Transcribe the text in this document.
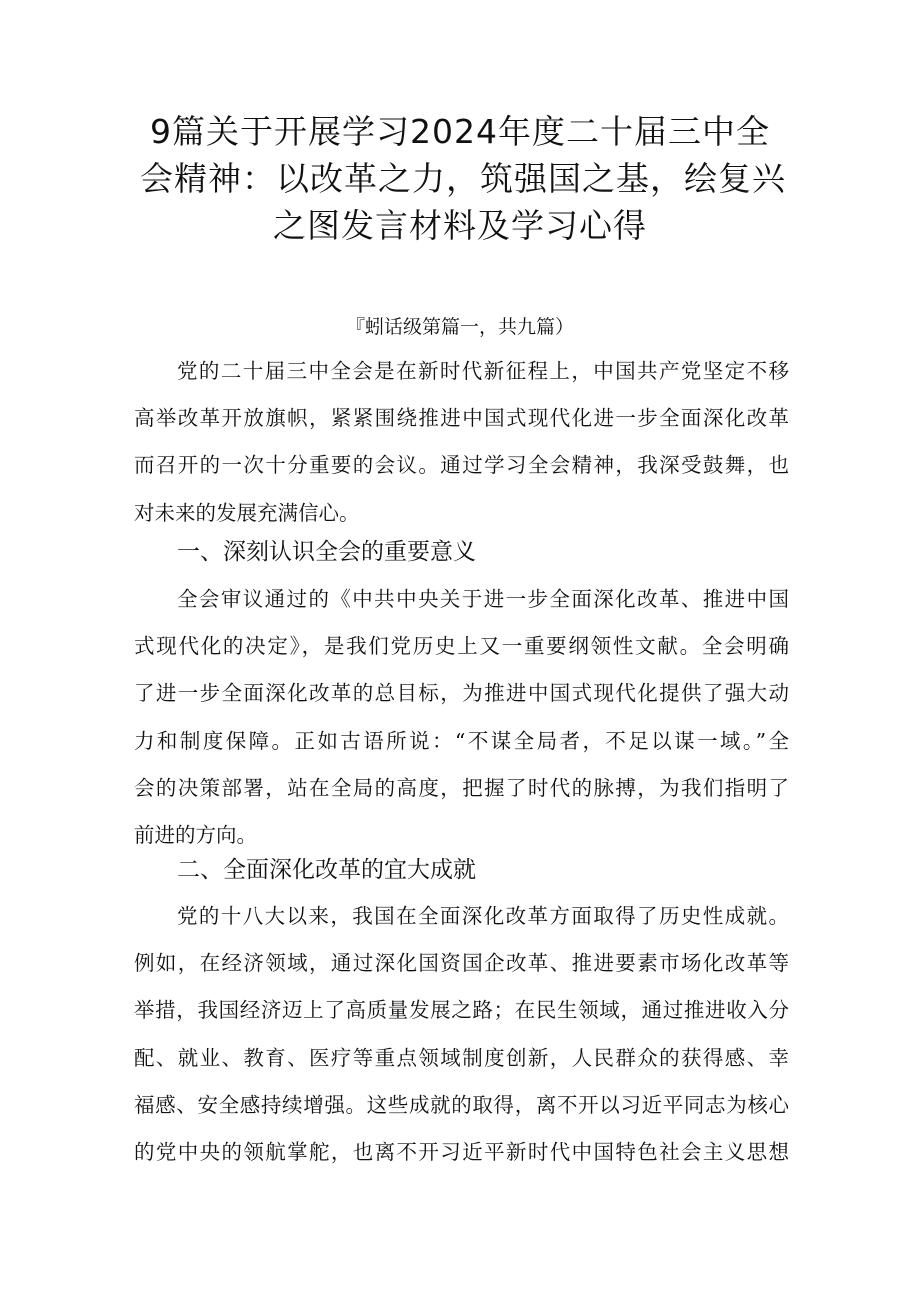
9篇关于开展学习2024年度二十届三中全
会精神：以改革之力，筑强国之基，绘复兴
之图发言材料及学习心得
『蚓话级第篇一，共九篇）
党的二十届三中全会是在新时代新征程上，中国共产党坚定不移
高举改革开放旗帜，紧紧围绕推进中国式现代化进一步全面深化改革
而召开的一次十分重要的会议。通过学习全会精神，我深受鼓舞，也
对未来的发展充满信心。
一、深刻认识全会的重要意义
全会审议通过的《中共中央关于进一步全面深化改革、推进中国
式现代化的决定》，是我们党历史上又一重要纲领性文献。全会明确
了进一步全面深化改革的总目标，为推进中国式现代化提供了强大动
力和制度保障。正如古语所说：“不谋全局者，不足以谋一域。”全
会的决策部署，站在全局的高度，把握了时代的脉搏，为我们指明了
前进的方向。
二、全面深化改革的宜大成就
党的十八大以来，我国在全面深化改革方面取得了历史性成就。
例如，在经济领域，通过深化国资国企改革、推进要素市场化改革等
举措，我国经济迈上了高质量发展之路；在民生领域，通过推进收入分
配、就业、教育、医疗等重点领域制度创新，人民群众的获得感、幸
福感、安全感持续增强。这些成就的取得，离不开以习近平同志为核心
的党中央的领航掌舵，也离不开习近平新时代中国特色社会主义思想
